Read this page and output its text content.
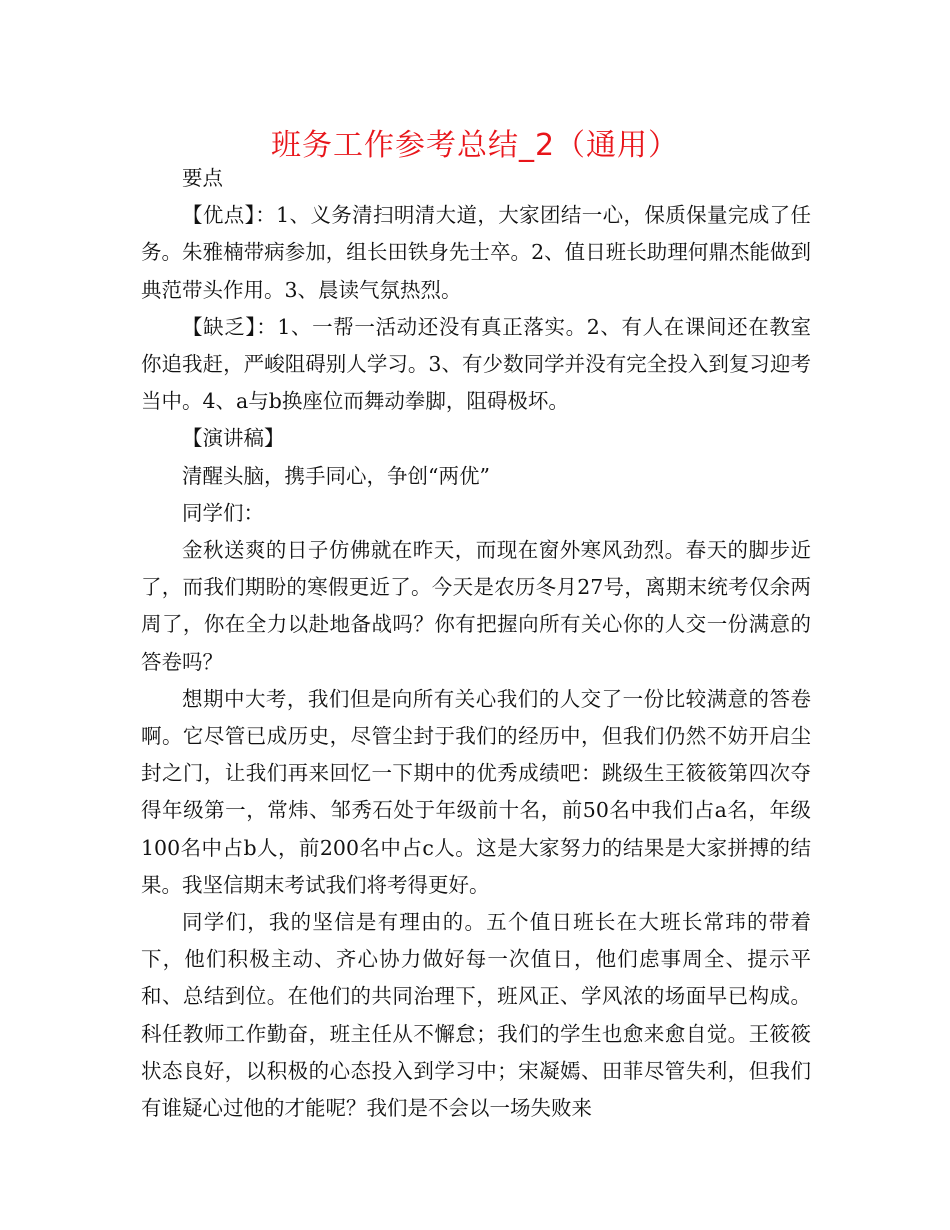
班务工作参考总结_2（通用）

要点

【优点】：1、义务清扫明清大道，大家团结一心，保质保量完成了任务。朱雅楠带病参加，组长田铁身先士卒。2、值日班长助理何鼎杰能做到典范带头作用。3、晨读气氛热烈。

【缺乏】：1、一帮一活动还没有真正落实。2、有人在课间还在教室你追我赶，严峻阻碍别人学习。3、有少数同学并没有完全投入到复习迎考当中。4、a与b换座位而舞动拳脚，阻碍极坏。

【演讲稿】

清醒头脑，携手同心，争创“两优”

同学们：

金秋送爽的日子仿佛就在昨天，而现在窗外寒风劲烈。春天的脚步近了，而我们期盼的寒假更近了。今天是农历冬月27号，离期末统考仅余两周了，你在全力以赴地备战吗？你有把握向所有关心你的人交一份满意的答卷吗？

想期中大考，我们但是向所有关心我们的人交了一份比较满意的答卷啊。它尽管已成历史，尽管尘封于我们的经历中，但我们仍然不妨开启尘封之门，让我们再来回忆一下期中的优秀成绩吧：跳级生王筱筱第四次夺得年级第一，常炜、邹秀石处于年级前十名，前50名中我们占a名，年级100名中占b人，前200名中占c人。这是大家努力的结果是大家拼搏的结果。我坚信期末考试我们将考得更好。

同学们，我的坚信是有理由的。五个值日班长在大班长常玮的带着下，他们积极主动、齐心协力做好每一次值日，他们虑事周全、提示平和、总结到位。在他们的共同治理下，班风正、学风浓的场面早已构成。科任教师工作勤奋，班主任从不懈怠；我们的学生也愈来愈自觉。王筱筱状态良好，以积极的心态投入到学习中；宋凝嫣、田菲尽管失利，但我们有谁疑心过他的才能呢？我们是不会以一场失败来
